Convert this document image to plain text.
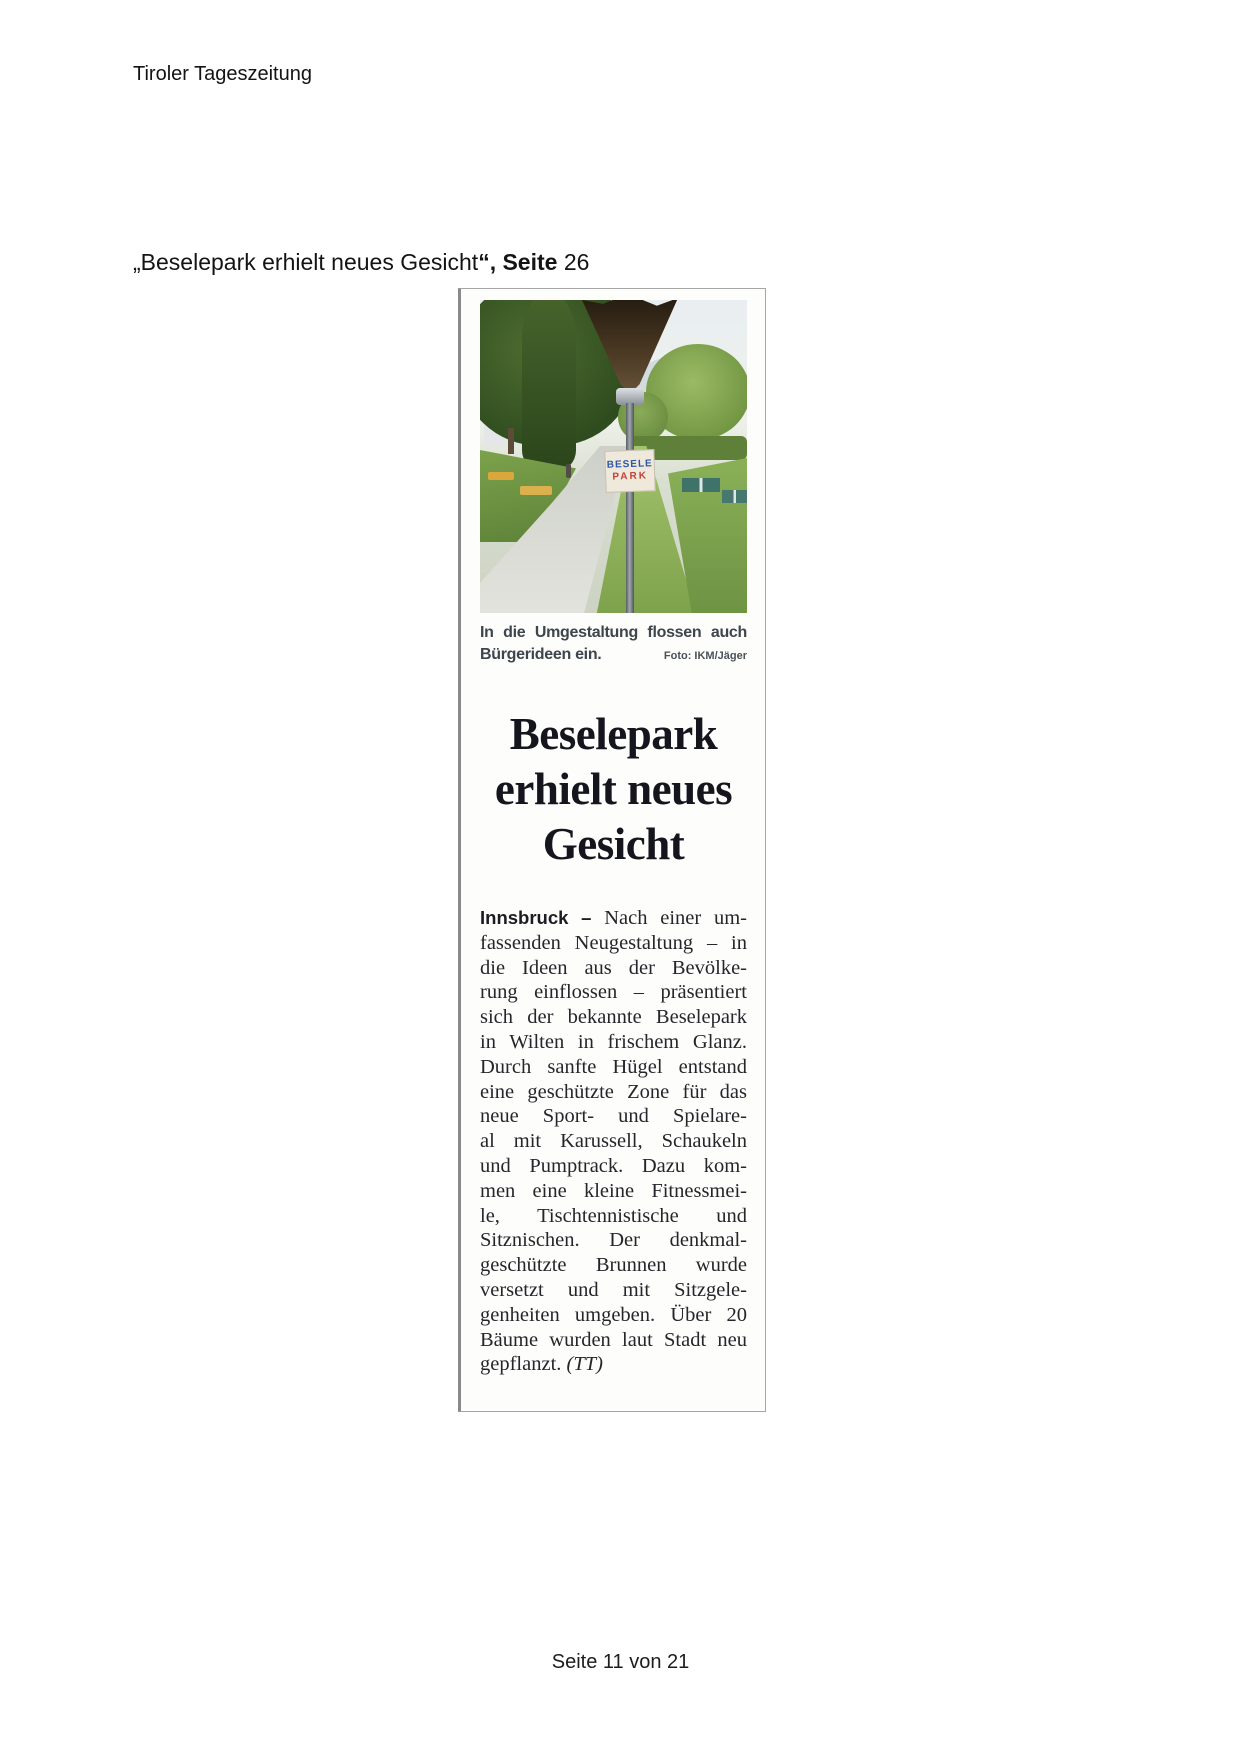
Tiroler Tageszeitung
„Beselepark erhielt neues Gesicht“, Seite 26
BESELE
PARK
In die Umgestaltung flossen auch
Bürgerideen ein.	Foto: IKM/Jäger
Beselepark
erhielt neues
Gesicht
Innsbruck – Nach einer um-
fassenden Neugestaltung – in
die Ideen aus der Bevölke-
rung einflossen – präsentiert
sich der bekannte Beselepark
in Wilten in frischem Glanz.
Durch sanfte Hügel entstand
eine geschützte Zone für das
neue Sport- und Spielare-
al mit Karussell, Schaukeln
und Pumptrack. Dazu kom-
men eine kleine Fitnessmei-
le, Tischtennistische und
Sitznischen. Der denkmal-
geschützte Brunnen wurde
versetzt und mit Sitzgele-
genheiten umgeben. Über 20
Bäume wurden laut Stadt neu
gepflanzt. (TT)
Seite 11 von 21
